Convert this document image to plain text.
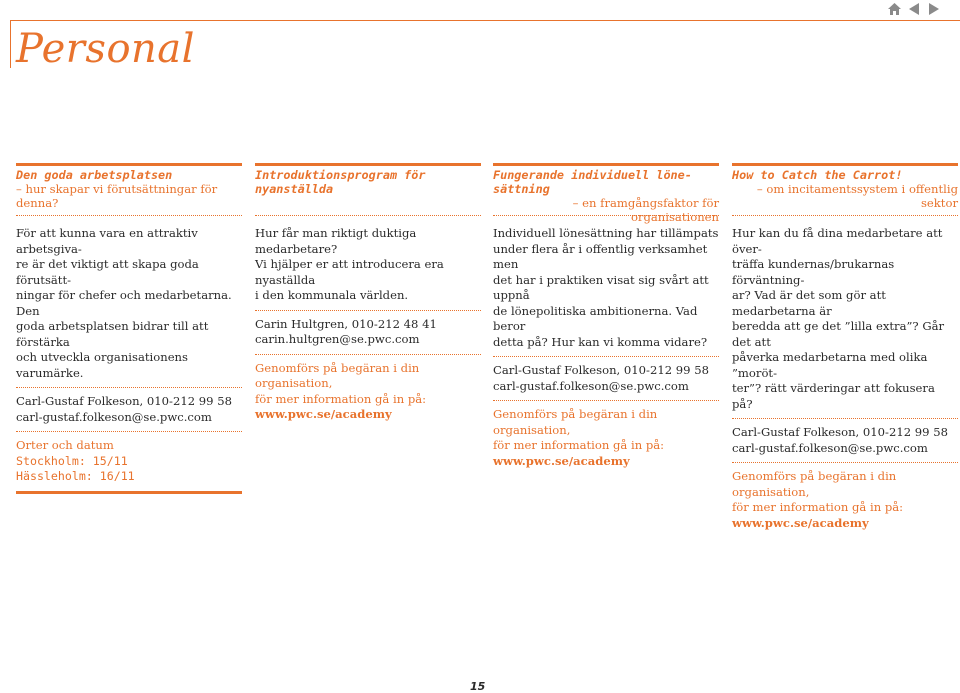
Personal
Den goda arbetsplatsen
– hur skapar vi förutsättningar för denna?
För att kunna vara en attraktiv arbetsgiva-
re är det viktigt att skapa goda förutsätt-
ningar för chefer och medarbetarna. Den
goda arbetsplatsen bidrar till att förstärka
och utveckla organisationens varumärke.
Carl-Gustaf Folkeson, 010-212 99 58
carl-gustaf.folkeson@se.pwc.com
Orter och datum
Stockholm: 15/11
Hässleholm: 16/11
Introduktionsprogram för
nyanställda
Hur får man riktigt duktiga medarbetare?
Vi hjälper er att introducera era nyaställda
i den kommunala världen.
Carin Hultgren, 010-212 48 41
carin.hultgren@se.pwc.com
Genomförs på begäran i din organisation,
för mer information gå in på:
www.pwc.se/academy
Fungerande individuell löne-
sättning
– en framgångsfaktor för organisationen
Individuell lönesättning har tillämpats
under flera år i offentlig verksamhet men
det har i praktiken visat sig svårt att uppnå
de lönepolitiska ambitionerna. Vad beror
detta på? Hur kan vi komma vidare?
Carl-Gustaf Folkeson, 010-212 99 58
carl-gustaf.folkeson@se.pwc.com
Genomförs på begäran i din organisation,
för mer information gå in på:
www.pwc.se/academy
How to Catch the Carrot!
– om incitamentssystem i offentlig sektor
Hur kan du få dina medarbetare att över-
träffa kundernas/brukarnas förväntning-
ar? Vad är det som gör att medarbetarna är
beredda att ge det ”lilla extra”? Går det att
påverka medarbetarna med olika ”moröt-
ter”? rätt värderingar att fokusera på?
Carl-Gustaf Folkeson, 010-212 99 58
carl-gustaf.folkeson@se.pwc.com
Genomförs på begäran i din organisation,
för mer information gå in på:
www.pwc.se/academy
15
